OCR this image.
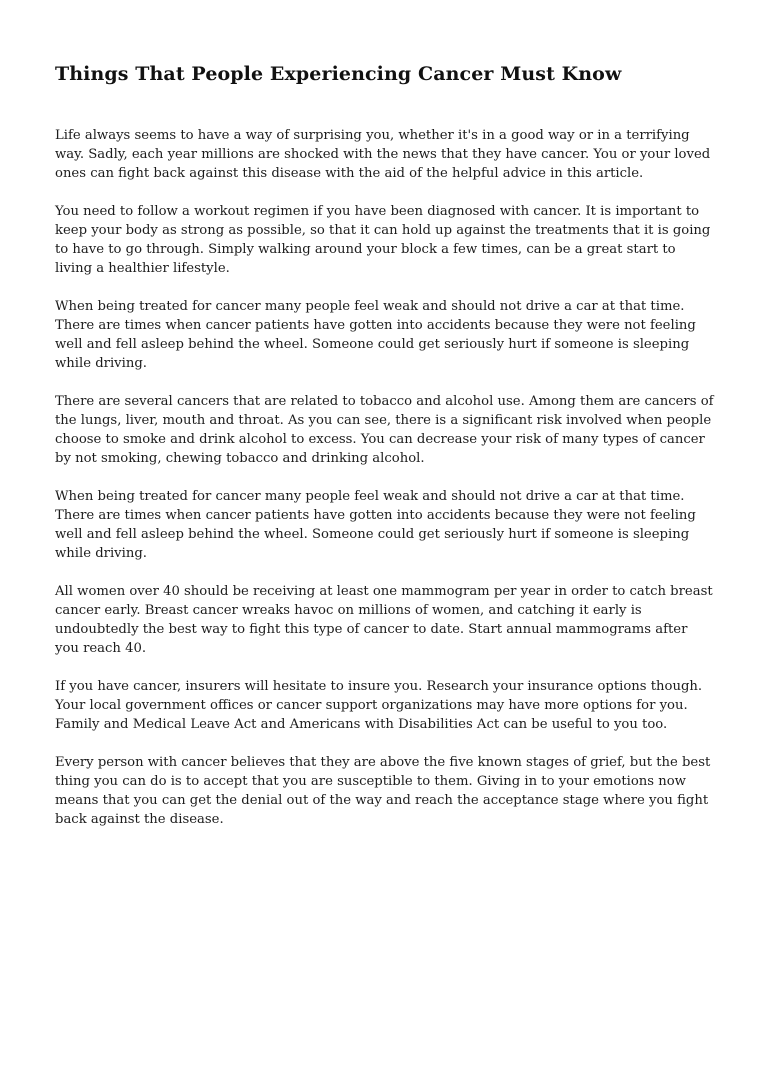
Things That People Experiencing Cancer Must Know

Life always seems to have a way of surprising you, whether it's in a good way or in a terrifying way. Sadly, each year millions are shocked with the news that they have cancer. You or your loved ones can fight back against this disease with the aid of the helpful advice in this article.

You need to follow a workout regimen if you have been diagnosed with cancer. It is important to keep your body as strong as possible, so that it can hold up against the treatments that it is going to have to go through. Simply walking around your block a few times, can be a great start to living a healthier lifestyle.

When being treated for cancer many people feel weak and should not drive a car at that time. There are times when cancer patients have gotten into accidents because they were not feeling well and fell asleep behind the wheel. Someone could get seriously hurt if someone is sleeping while driving.

There are several cancers that are related to tobacco and alcohol use. Among them are cancers of the lungs, liver, mouth and throat. As you can see, there is a significant risk involved when people choose to smoke and drink alcohol to excess. You can decrease your risk of many types of cancer by not smoking, chewing tobacco and drinking alcohol.

When being treated for cancer many people feel weak and should not drive a car at that time. There are times when cancer patients have gotten into accidents because they were not feeling well and fell asleep behind the wheel. Someone could get seriously hurt if someone is sleeping while driving.

All women over 40 should be receiving at least one mammogram per year in order to catch breast cancer early. Breast cancer wreaks havoc on millions of women, and catching it early is undoubtedly the best way to fight this type of cancer to date. Start annual mammograms after you reach 40.

If you have cancer, insurers will hesitate to insure you. Research your insurance options though. Your local government offices or cancer support organizations may have more options for you. Family and Medical Leave Act and Americans with Disabilities Act can be useful to you too.

Every person with cancer believes that they are above the five known stages of grief, but the best thing you can do is to accept that you are susceptible to them. Giving in to your emotions now means that you can get the denial out of the way and reach the acceptance stage where you fight back against the disease.
